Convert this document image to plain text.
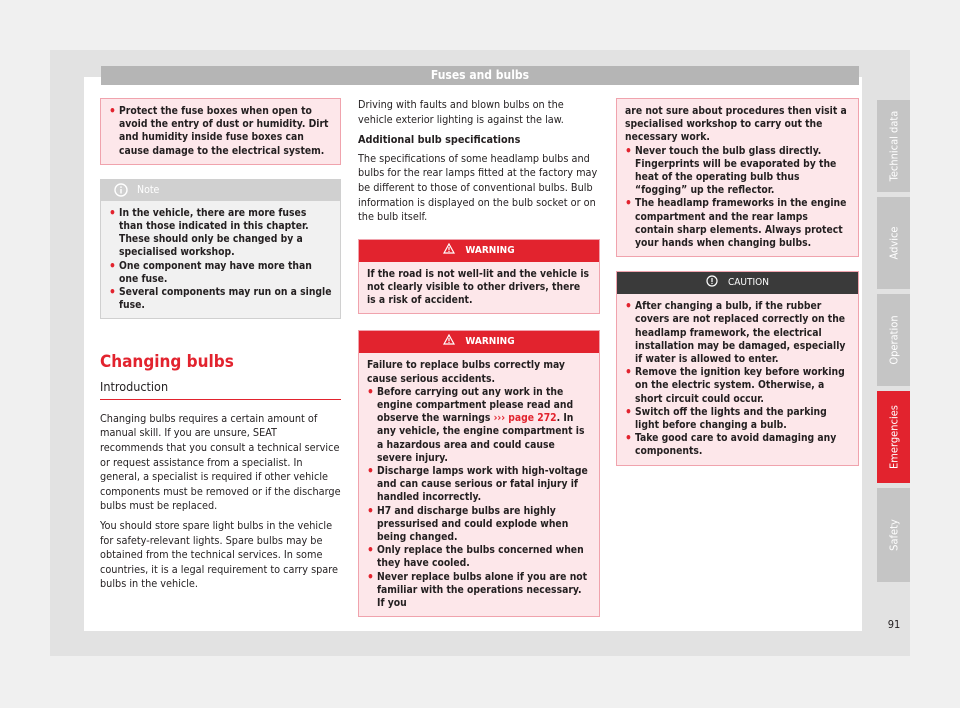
Fuses and bulbs
• Protect the fuse boxes when open to avoid the entry of dust or humidity. Dirt and humidity inside fuse boxes can cause damage to the electrical system.
Note

• In the vehicle, there are more fuses than those indicated in this chapter. These should only be changed by a specialised workshop.

• One component may have more than one fuse.

• Several components may run on a single fuse.

Changing bulbs

Introduction

Changing bulbs requires a certain amount of manual skill. If you are unsure, SEAT recommends that you consult a technical service or request assistance from a specialist. In general, a specialist is required if other vehicle components must be removed or if the discharge bulbs must be replaced.

You should store spare light bulbs in the vehicle for safety-relevant lights. Spare bulbs may be obtained from the technical services. In some countries, it is a legal requirement to carry spare bulbs in the vehicle.

Driving with faults and blown bulbs on the vehicle exterior lighting is against the law.

Additional bulb specifications

The specifications of some headlamp bulbs and bulbs for the rear lamps fitted at the factory may be different to those of conventional bulbs. Bulb information is displayed on the bulb socket or on the bulb itself.

WARNING

If the road is not well-lit and the vehicle is not clearly visible to other drivers, there is a risk of accident.

WARNING

Failure to replace bulbs correctly may cause serious accidents.

• Before carrying out any work in the engine compartment please read and observe the warnings ››› page 272. In any vehicle, the engine compartment is a hazardous area and could cause severe injury.

• Discharge lamps work with high-voltage and can cause serious or fatal injury if handled incorrectly.

• H7 and discharge bulbs are highly pressurised and could explode when being changed.

• Only replace the bulbs concerned when they have cooled.

• Never replace bulbs alone if you are not familiar with the operations necessary. If you

are not sure about procedures then visit a specialised workshop to carry out the necessary work.

• Never touch the bulb glass directly. Fingerprints will be evaporated by the heat of the operating bulb thus “fogging” up the reflector.

• The headlamp frameworks in the engine compartment and the rear lamps contain sharp elements. Always protect your hands when changing bulbs.

CAUTION

• After changing a bulb, if the rubber covers are not replaced correctly on the headlamp framework, the electrical installation may be damaged, especially if water is allowed to enter.

• Remove the ignition key before working on the electric system. Otherwise, a short circuit could occur.

• Switch off the lights and the parking light before changing a bulb.

• Take good care to avoid damaging any components.

Technical data
Advice
Operation
Emergencies
Safety
91
